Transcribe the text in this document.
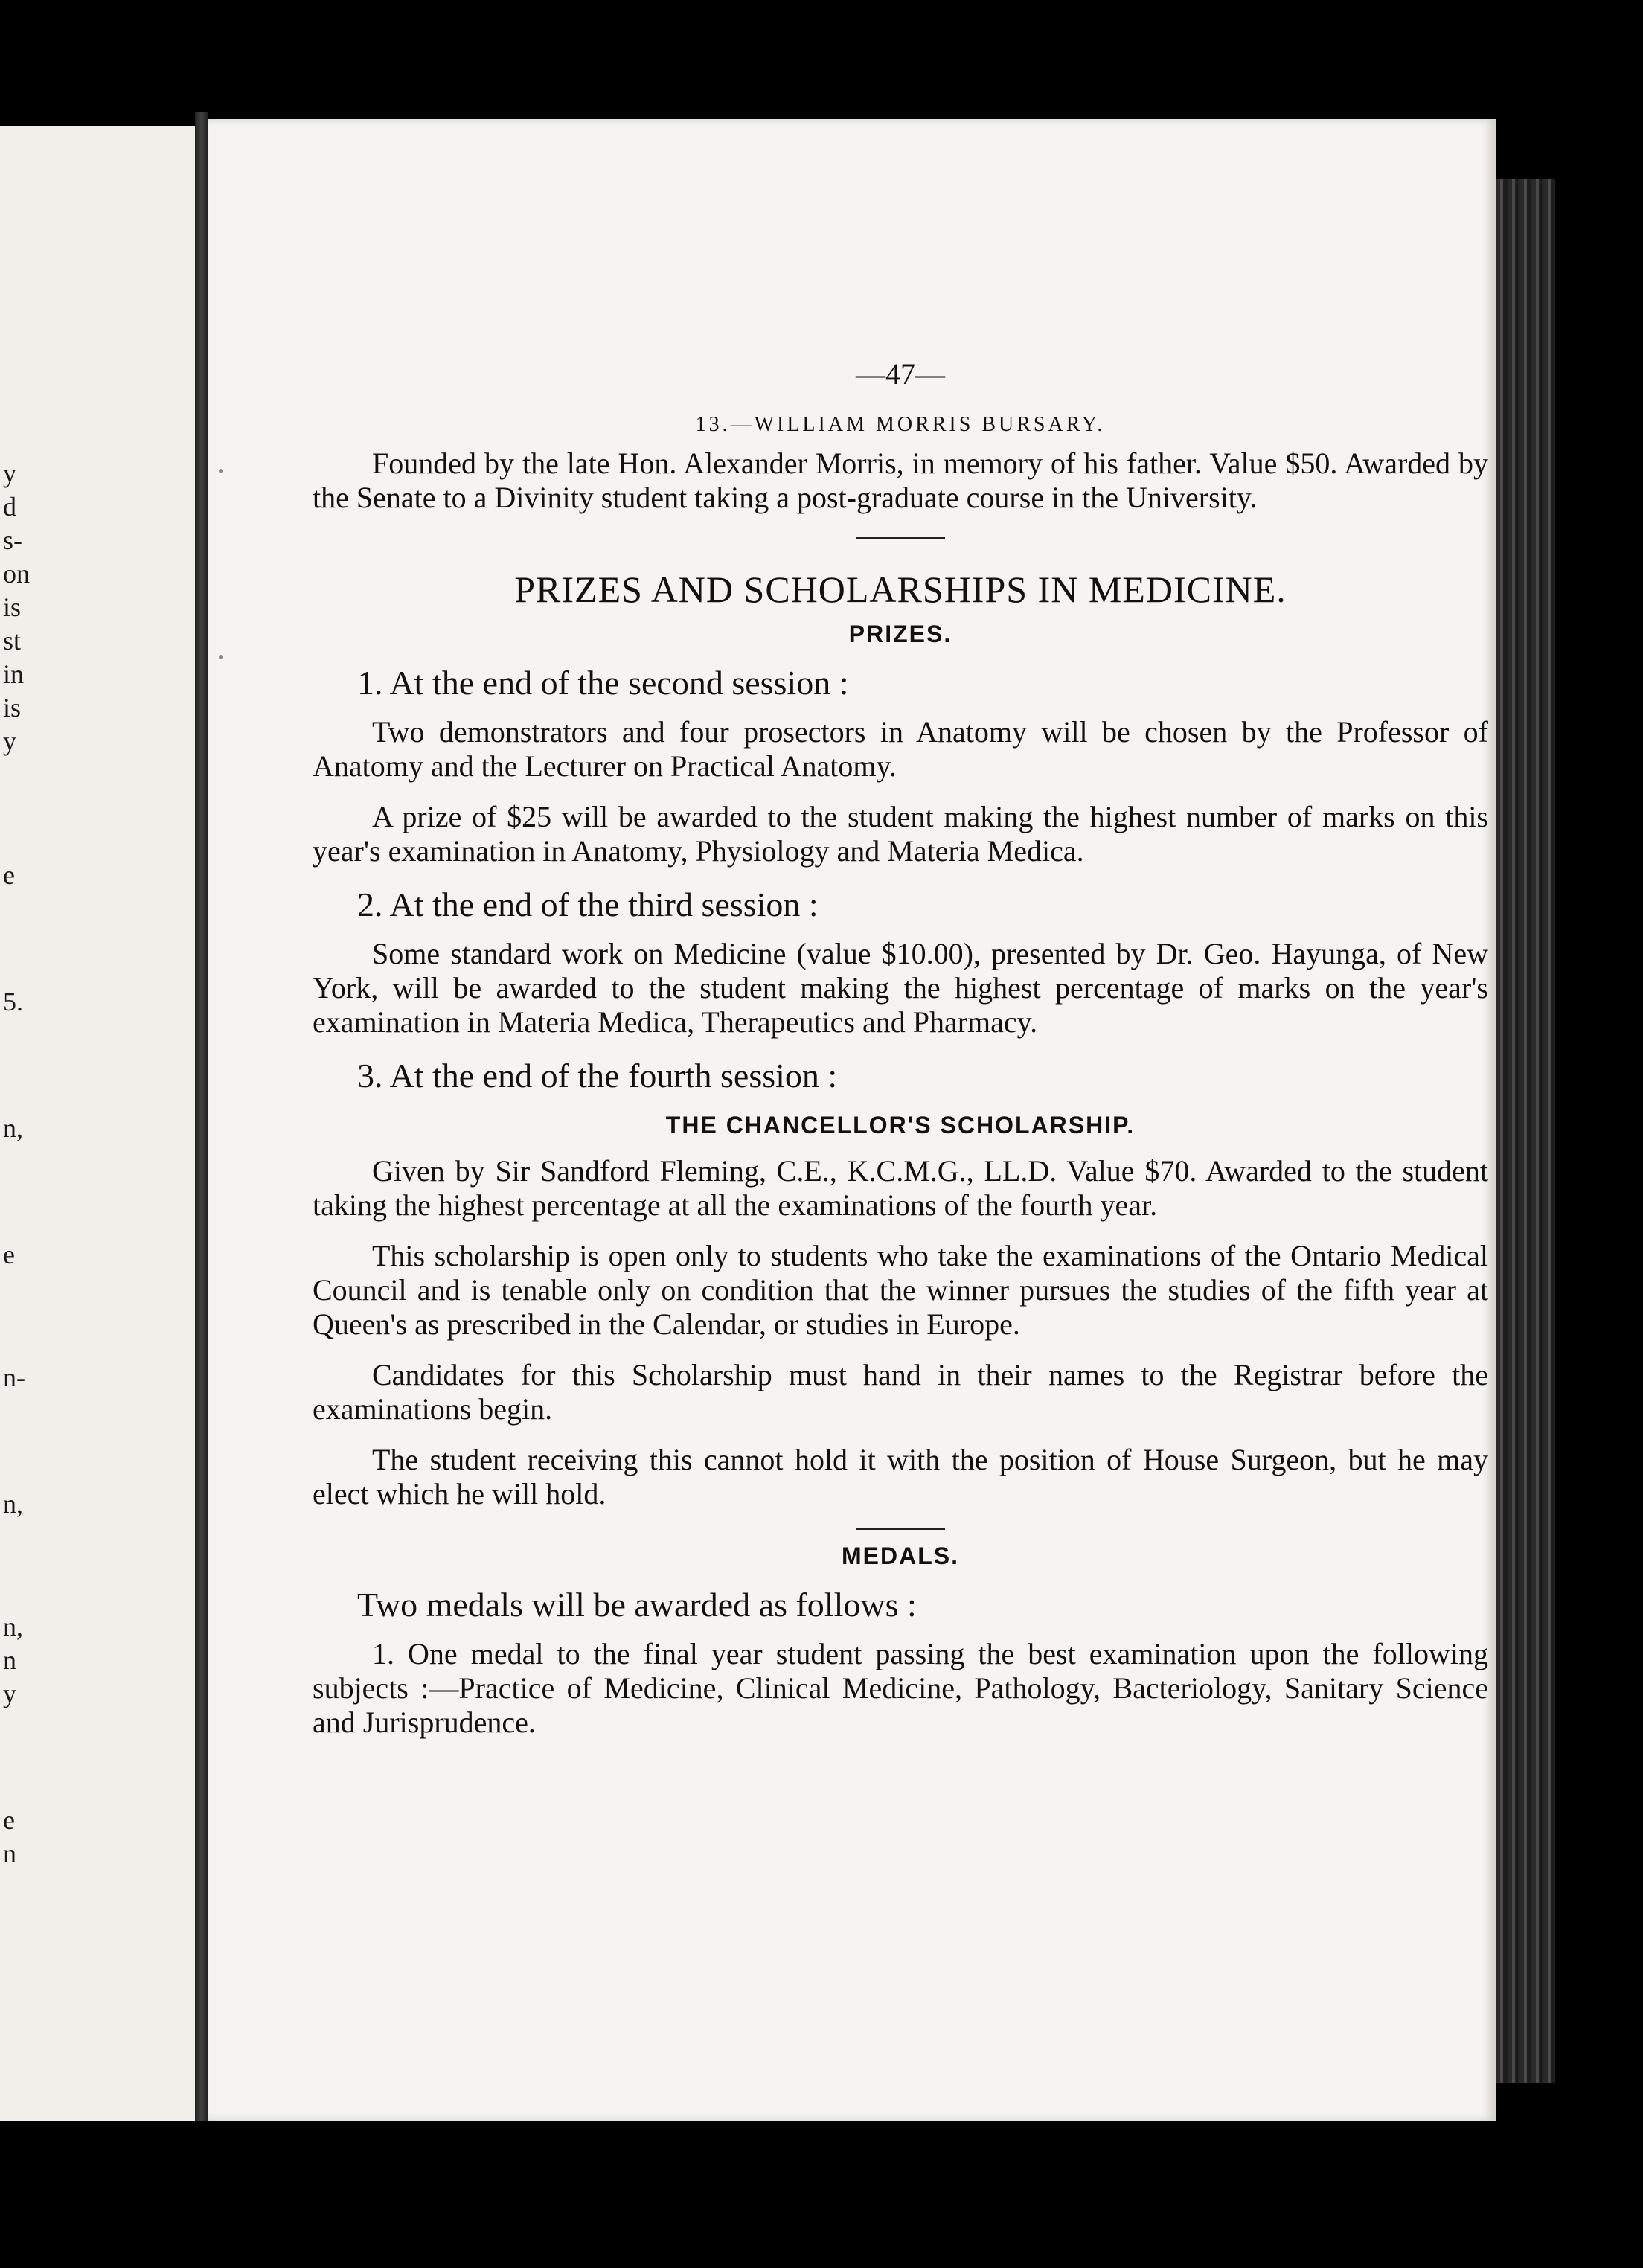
y
d
s-
on
is
st
in
is
y
e
5.
n,
e
n-
n,
n,
n
y
e
n
—47—
13.—WILLIAM MORRIS BURSARY.

Founded by the late Hon. Alexander Morris, in memory of his father. Value $50. Awarded by the Senate to a Divinity student taking a post-graduate course in the University.

PRIZES AND SCHOLARSHIPS IN MEDICINE.
PRIZES.
1. At the end of the second session :

Two demonstrators and four prosectors in Anatomy will be chosen by the Professor of Anatomy and the Lecturer on Practical Anatomy.

A prize of $25 will be awarded to the student making the highest number of marks on this year's examination in Anatomy, Physiology and Materia Medica.

2. At the end of the third session :

Some standard work on Medicine (value $10.00), presented by Dr. Geo. Hayunga, of New York, will be awarded to the student making the highest percentage of marks on the year's examination in Materia Medica, Therapeutics and Pharmacy.

3. At the end of the fourth session :
THE CHANCELLOR'S SCHOLARSHIP.

Given by Sir Sandford Fleming, C.E., K.C.M.G., LL.D. Value $70. Awarded to the student taking the highest percentage at all the examinations of the fourth year.

This scholarship is open only to students who take the examinations of the Ontario Medical Council and is tenable only on condition that the winner pursues the studies of the fifth year at Queen's as prescribed in the Calendar, or studies in Europe.

Candidates for this Scholarship must hand in their names to the Registrar before the examinations begin.

The student receiving this cannot hold it with the position of House Surgeon, but he may elect which he will hold.

MEDALS.
Two medals will be awarded as follows :

1. One medal to the final year student passing the best examination upon the following subjects :—Practice of Medicine, Clinical Medicine, Pathology, Bacteriology, Sanitary Science and Jurisprudence.
